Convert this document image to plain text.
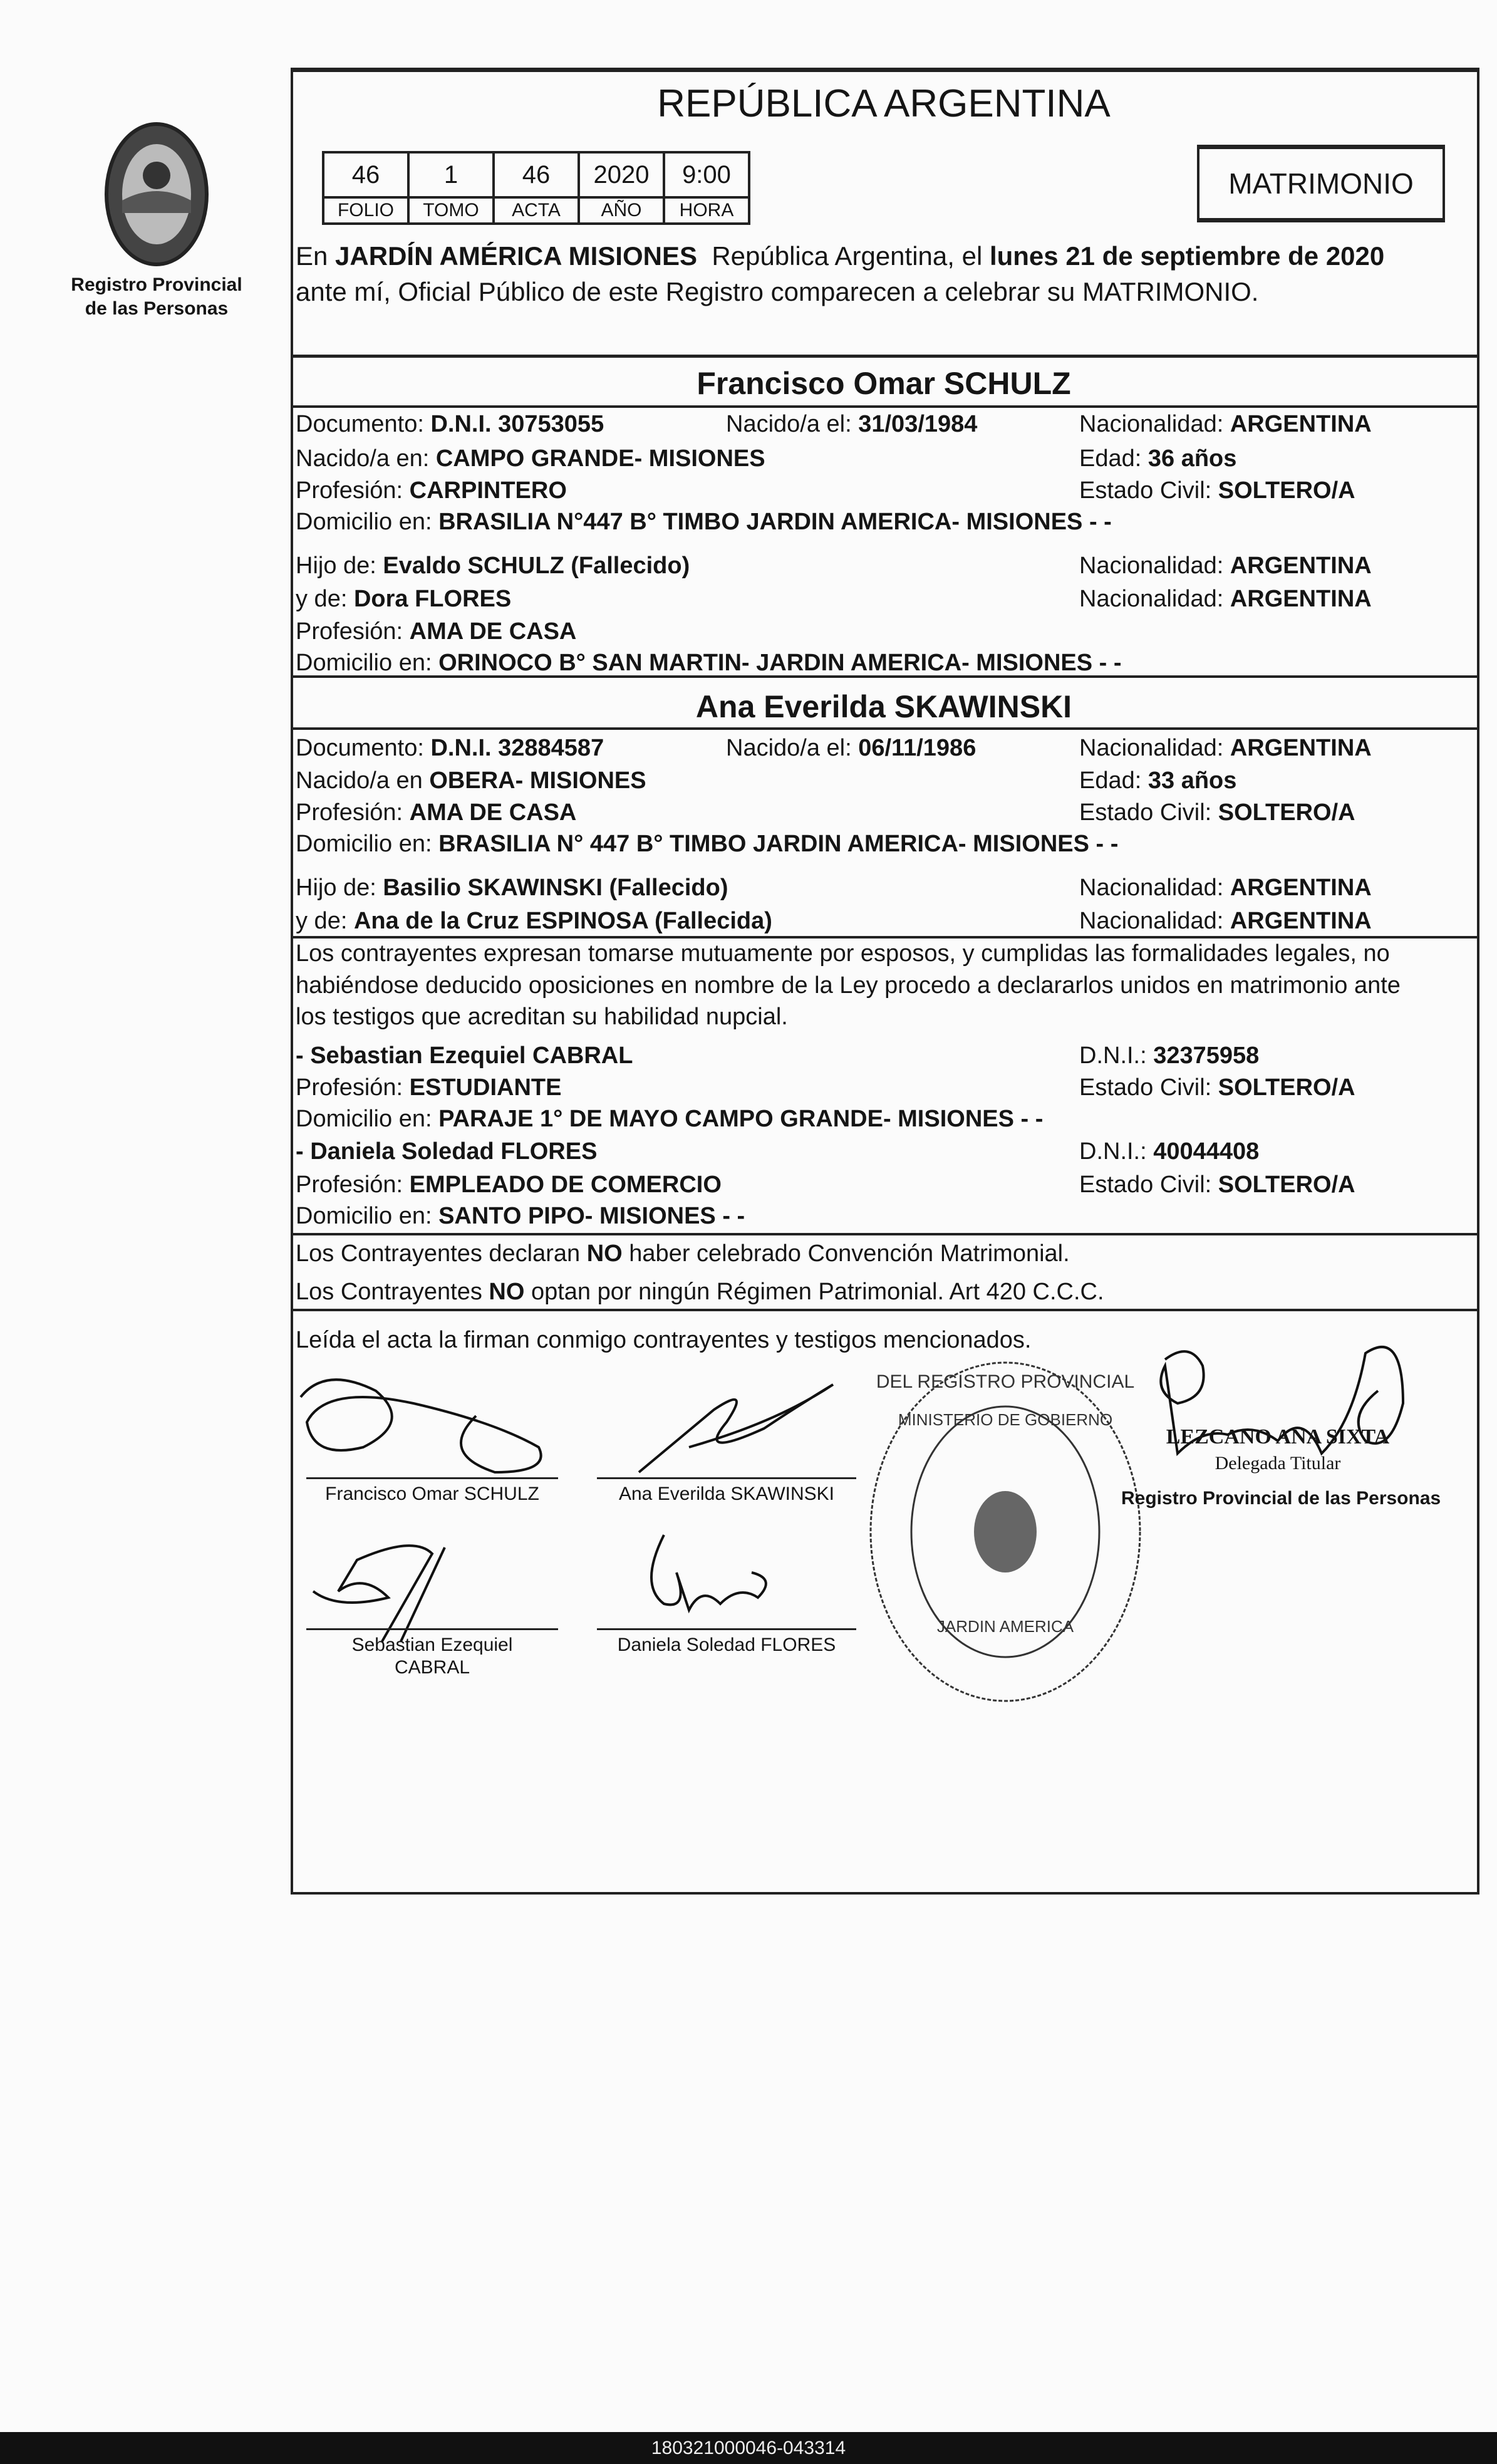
Registro Provincial
de las Personas
REPÚBLICA ARGENTINA
46	1	46	2020	9:00
FOLIO	TOMO	ACTA	AÑO	HORA
MATRIMONIO
En JARDÍN AMÉRICA MISIONES  República Argentina, el lunes 21 de septiembre de 2020
ante mí, Oficial Público de este Registro comparecen a celebrar su MATRIMONIO.
Francisco Omar SCHULZ
Documento: D.N.I. 30753055	Nacido/a el: 31/03/1984	Nacionalidad: ARGENTINA
Nacido/a en: CAMPO GRANDE- MISIONES	Edad: 36 años
Profesión: CARPINTERO	Estado Civil: SOLTERO/A
Domicilio en: BRASILIA N°447 B° TIMBO JARDIN AMERICA- MISIONES - -
Hijo de: Evaldo SCHULZ (Fallecido)	Nacionalidad: ARGENTINA
y de: Dora FLORES	Nacionalidad: ARGENTINA
Profesión: AMA DE CASA
Domicilio en: ORINOCO B° SAN MARTIN- JARDIN AMERICA- MISIONES - -
Ana Everilda SKAWINSKI
Documento: D.N.I. 32884587	Nacido/a el: 06/11/1986	Nacionalidad: ARGENTINA
Nacido/a en OBERA- MISIONES	Edad: 33 años
Profesión: AMA DE CASA	Estado Civil: SOLTERO/A
Domicilio en: BRASILIA N° 447 B° TIMBO JARDIN AMERICA- MISIONES - -
Hijo de: Basilio SKAWINSKI (Fallecido)	Nacionalidad: ARGENTINA
y de: Ana de la Cruz ESPINOSA (Fallecida)	Nacionalidad: ARGENTINA
Los contrayentes expresan tomarse mutuamente por esposos, y cumplidas las formalidades legales, no
habiéndose deducido oposiciones en nombre de la Ley procedo a declararlos unidos en matrimonio ante
los testigos que acreditan su habilidad nupcial.
- Sebastian Ezequiel CABRAL	D.N.I.: 32375958
Profesión: ESTUDIANTE	Estado Civil: SOLTERO/A
Domicilio en: PARAJE 1° DE MAYO CAMPO GRANDE- MISIONES - -
- Daniela Soledad FLORES	D.N.I.: 40044408
Profesión: EMPLEADO DE COMERCIO	Estado Civil: SOLTERO/A
Domicilio en: SANTO PIPO- MISIONES - -
Los Contrayentes declaran NO haber celebrado Convención Matrimonial.
Los Contrayentes NO optan por ningún Régimen Patrimonial. Art 420 C.C.C.
Leída el acta la firman conmigo contrayentes y testigos mencionados.
Francisco Omar SCHULZ	Ana Everilda SKAWINSKI
Sebastian Ezequiel
CABRAL
Daniela Soledad FLORES
DEL REGISTRO PROVINCIAL
MINISTERIO DE GOBIERNO
JARDIN AMERICA
LEZCANO ANA SIXTA
Delegada Titular
Registro Provincial de las Personas
180321000046-043314
